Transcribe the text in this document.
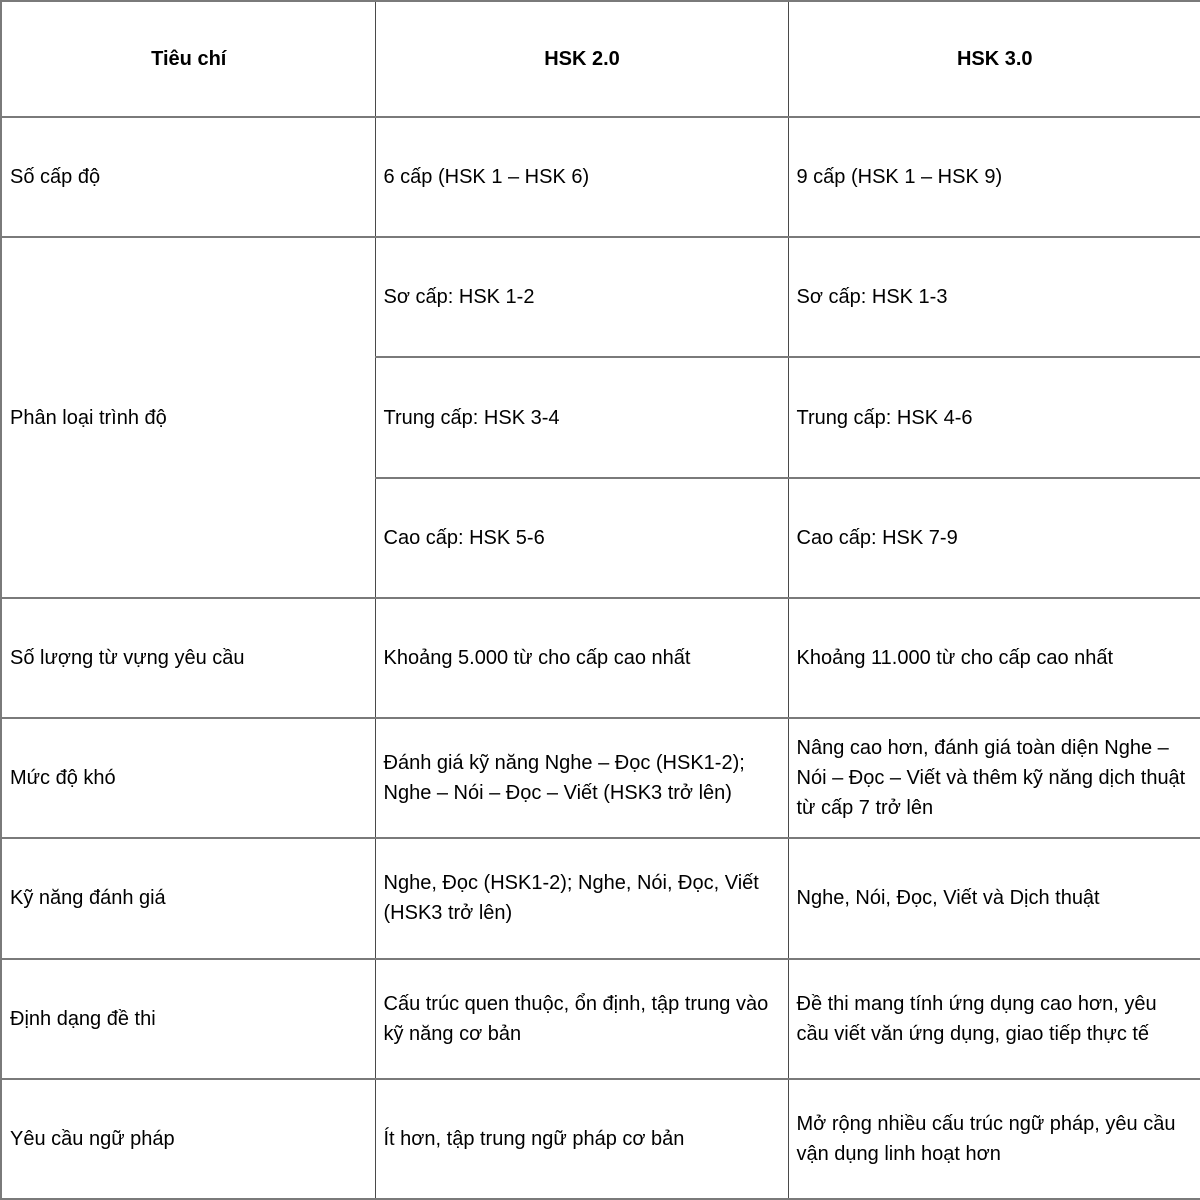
Tiêu chí	HSK 2.0	HSK 3.0
Số cấp độ	6 cấp (HSK 1 – HSK 6)	9 cấp (HSK 1 – HSK 9)
Phân loại trình độ	Sơ cấp: HSK 1-2	Sơ cấp: HSK 1-3
	Trung cấp: HSK 3-4	Trung cấp: HSK 4-6
	Cao cấp: HSK 5-6	Cao cấp: HSK 7-9
Số lượng từ vựng yêu cầu	Khoảng 5.000 từ cho cấp cao nhất	Khoảng 11.000 từ cho cấp cao nhất
Mức độ khó	Đánh giá kỹ năng Nghe – Đọc (HSK1-2); Nghe – Nói – Đọc – Viết (HSK3 trở lên)	Nâng cao hơn, đánh giá toàn diện Nghe – Nói – Đọc – Viết và thêm kỹ năng dịch thuật từ cấp 7 trở lên
Kỹ năng đánh giá	Nghe, Đọc (HSK1-2); Nghe, Nói, Đọc, Viết (HSK3 trở lên)	Nghe, Nói, Đọc, Viết và Dịch thuật
Định dạng đề thi	Cấu trúc quen thuộc, ổn định, tập trung vào kỹ năng cơ bản	Đề thi mang tính ứng dụng cao hơn, yêu cầu viết văn ứng dụng, giao tiếp thực tế
Yêu cầu ngữ pháp	Ít hơn, tập trung ngữ pháp cơ bản	Mở rộng nhiều cấu trúc ngữ pháp, yêu cầu vận dụng linh hoạt hơn
